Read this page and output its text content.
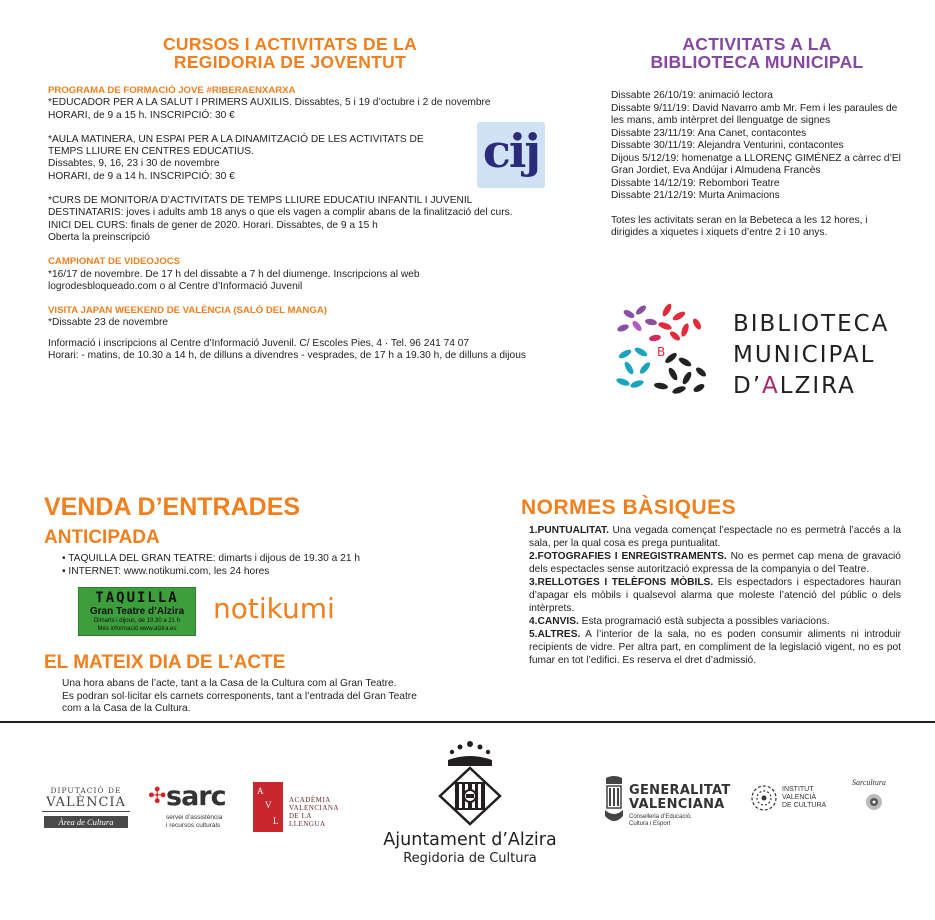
CURSOS I ACTIVITATS DE LA
REGIDORIA DE JOVENTUT

PROGRAMA DE FORMACIÓ JOVE #RIBERAENXARXA

*EDUCADOR PER A LA SALUT I PRIMERS AUXILIS. Dissabtes, 5 i 19 d’octubre i 2 de novembre

HORARI, de 9 a 15 h. INSCRIPCIÓ: 30 €

*AULA MATINERA, UN ESPAI PER A LA DINAMITZACIÓ DE LES ACTIVITATS DE

TEMPS LLIURE EN CENTRES EDUCATIUS.

Dissabtes, 9, 16, 23 i 30 de novembre

HORARI, de 9 a 14 h. INSCRIPCIÓ: 30 €

*CURS DE MONITOR/A D’ACTIVITATS DE TEMPS LLIURE EDUCATIU INFANTIL I JUVENIL

DESTINATARIS: joves i adults amb 18 anys o que els vagen a complir abans de la finalització del curs.

INICI DEL CURS: finals de gener de 2020. Horari. Dissabtes, de 9 a 15 h

Oberta la preinscripció

CAMPIONAT DE VIDEOJOCS

*16/17 de novembre. De 17 h del dissabte a 7 h del diumenge. Inscripcions al web

logrodesbloqueado.com o al Centre d’Informació Juvenil

VISITA JAPAN WEEKEND DE VALÈNCIA (SALÓ DEL MANGA)

*Dissabte 23 de novembre

Informació i inscripcions al Centre d’Informació Juvenil. C/ Escoles Pies, 4 · Tel. 96 241 74 07

Horari: - matins, de 10.30 a 14 h, de dilluns a divendres - vesprades, de 17 h a 19.30 h, de dilluns a dijous

cij
ACTIVITATS A LA
BIBLIOTECA MUNICIPAL

Dissabte 26/10/19: animació lectora

Dissabte 9/11/19: David Navarro amb Mr. Fem i les paraules de les mans, amb intèrpret del llenguatge de signes

Dissabte 23/11/19: Ana Canet, contacontes

Dissabte 30/11/19: Alejandra Venturini, contacontes

Dijous 5/12/19: homenatge a LLORENÇ GIMÉNEZ a càrrec d’El Gran Jordiet, Eva Andújar i Almudena Francès

Dissabte 14/12/19: Rebombori Teatre

Dissabte 21/12/19: Murta Animacions

Totes les activitats seran en la Bebeteca a les 12 hores, i dirigides a xiquetes i xiquets d’entre 2 i 10 anys.

B
BIBLIOTECA
MUNICIPAL
D’ALZIRA
VENDA D’ENTRADES
ANTICIPADA

• TAQUILLA DEL GRAN TEATRE: dimarts i dijous de 19.30 a 21 h

• INTERNET: www.notikumi.com, les 24 hores

TAQUILLA
Gran Teatre d’Alzira
Dimarts i dijous, de 19.30 a 21 h
Més informació www.alzira.es
notikumi
EL MATEIX DIA DE L’ACTE

Una hora abans de l’acte, tant a la Casa de la Cultura com al Gran Teatre.

Es podran sol·licitar els carnets corresponents, tant a l’entrada del Gran Teatre

com a la Casa de la Cultura.

NORMES BÀSIQUES

1.PUNTUALITAT. Una vegada començat l’espectacle no es permetrà l’accés a la sala, per la qual cosa es prega puntualitat.

2.FOTOGRAFIES I ENREGISTRAMENTS. No es permet cap mena de gravació dels espectacles sense autorització expressa de la companyia o del Teatre.

3.RELLOTGES I TELÈFONS MÒBILS. Els espectadors i espectadores hauran d’apagar els mòbils i qualsevol alarma que moleste l’atenció del públic o dels intèrprets.

4.CANVIS. Esta programació està subjecta a possibles variacions.

5.ALTRES. A l’interior de la sala, no es poden consumir aliments ni introduir recipients de vidre. Per altra part, en compliment de la legislació vigent, no es pot fumar en tot l’edifici. Es reserva el dret d’admissió.

DIPUTACIÓ DE
VALÈNCIA
Àrea de Cultura
✣ sarc
servei d’assistència
i recursos culturals
A
V
L
ACADÈMIA
VALENCIANA
DE LA
LLENGUA
Ajuntament d’Alzira
Regidoria de Cultura
GENERALITAT
VALENCIANA
Conselleria d’Educació,
Cultura i Esport
INSTITUT
VALENCIÀ
DE CULTURA
Sarcultura
